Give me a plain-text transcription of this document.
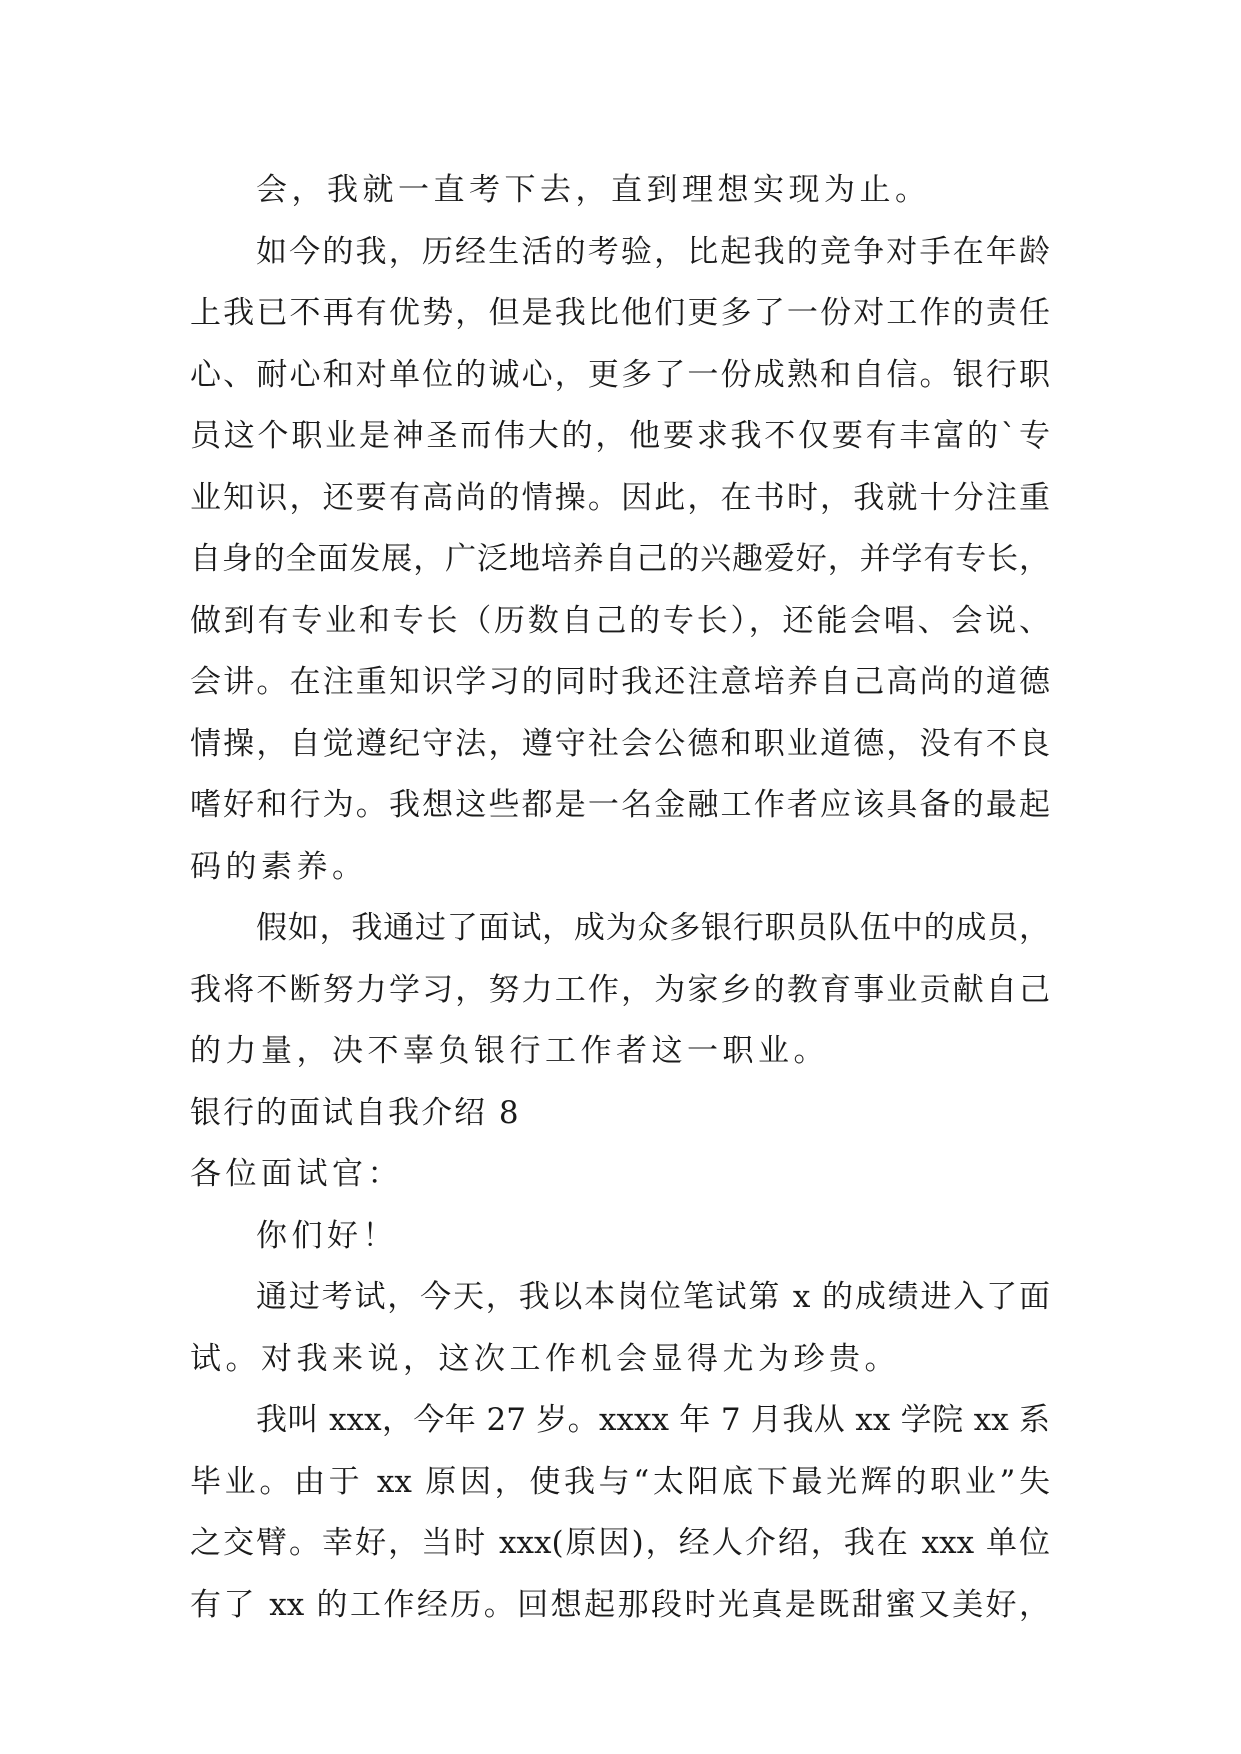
会，我就一直考下去，直到理想实现为止。
如今的我，历经生活的考验，比起我的竞争对手在年龄
上我已不再有优势，但是我比他们更多了一份对工作的责任
心、耐心和对单位的诚心，更多了一份成熟和自信。银行职
员这个职业是神圣而伟大的，他要求我不仅要有丰富的`专
业知识，还要有高尚的情操。因此，在书时，我就十分注重
自身的全面发展，广泛地培养自己的兴趣爱好，并学有专长，
做到有专业和专长（历数自己的专长），还能会唱、会说、
会讲。在注重知识学习的同时我还注意培养自己高尚的道德
情操，自觉遵纪守法，遵守社会公德和职业道德，没有不良
嗜好和行为。我想这些都是一名金融工作者应该具备的最起
码的素养。
假如，我通过了面试，成为众多银行职员队伍中的成员，
我将不断努力学习，努力工作，为家乡的教育事业贡献自己
的力量，决不辜负银行工作者这一职业。
银行的面试自我介绍 8
各位面试官：
你们好！
通过考试，今天，我以本岗位笔试第 x 的成绩进入了面
试。对我来说，这次工作机会显得尤为珍贵。
我叫 xxx，今年 27 岁。xxxx 年 7 月我从 xx 学院 xx 系
毕业。由于 xx 原因，使我与“太阳底下最光辉的职业”失
之交臂。幸好，当时 xxx(原因)，经人介绍，我在 xxx 单位
有了 xx 的工作经历。回想起那段时光真是既甜蜜又美好，
